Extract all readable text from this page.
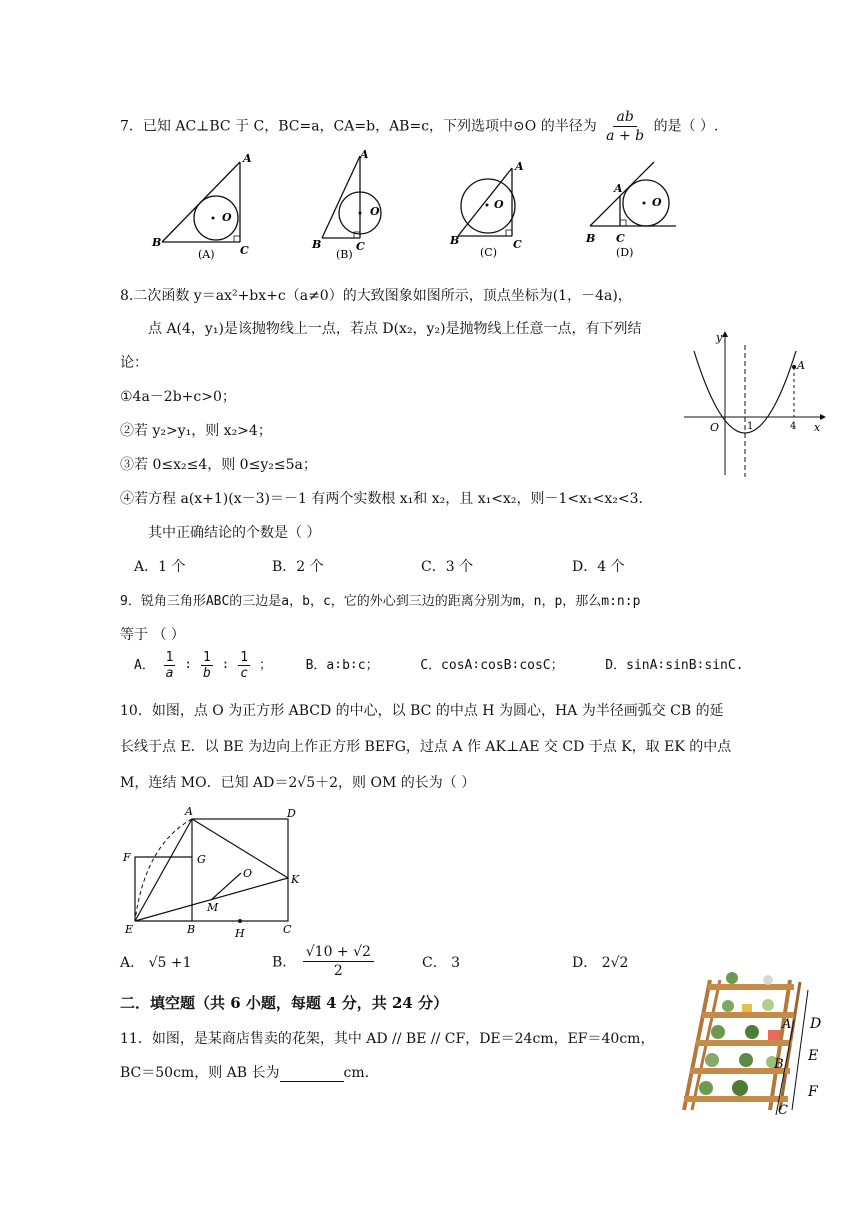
7．已知 AC⊥BC 于 C，BC=a，CA=b，AB=c，下列选项中⊙O 的半径为 $\frac{ab}{a + b}$ 的是（ ）.
A
B
C
O
(A)
A
B	C
O
(B)
A
B	C
O
(C)
A
B C
O
(D)
8.二次函数 y＝ax²+bx+c（a≠0）的大致图象如图所示，顶点坐标为(1，－4a)，
点 A(4，y₁)是该抛物线上一点，若点 D(x₂，y₂)是抛物线上任意一点，有下列结
论：
①4a－2b+c>0；
②若 y₂>y₁，则 x₂>4；
③若 0≤x₂≤4，则 0≤y₂≤5a；
④若方程 a(x+1)(x－3)＝－1 有两个实数根 x₁和 x₂，且 x₁<x₂，则－1<x₁<x₂<3.
其中正确结论的个数是（ ）
A．1 个	B．2 个	C．3 个	D．4 个
y
x
O	1	4
A
9．锐角三角形ABC的三边是a，b，c，它的外心到三边的距离分别为m，n，p，那么m:n:p
等于 （ ）
A． $\frac{1}{a}$ ∶ $\frac{1}{b}$ ∶ $\frac{1}{c}$ ；	B．a∶b∶c；	C．cosA∶cosB∶cosC；	D．sinA∶sinB∶sinC.
10．如图，点 O 为正方形 ABCD 的中心，以 BC 的中点 H 为圆心，HA 为半径画弧交 CB 的延
长线于点 E．以 BE 为边向上作正方形 BEFG，过点 A 作 AK⊥AE 交 CD 于点 K，取 EK 的中点
M，连结 MO．已知 AD＝2√5＋2，则 OM 的长为（ ）
A	D
F	G
O	K
M
E	B	H	C
A． √5 +1	B． $\frac{√10 + √2}{2}$	C． 3	D． 2√2
二．填空题（共 6 小题，每题 4 分，共 24 分）
11．如图，是某商店售卖的花架，其中 AD // BE // CF，DE＝24cm，EF＝40cm，
BC＝50cm，则 AB 长为	cm.
A D
B
E
F
C
